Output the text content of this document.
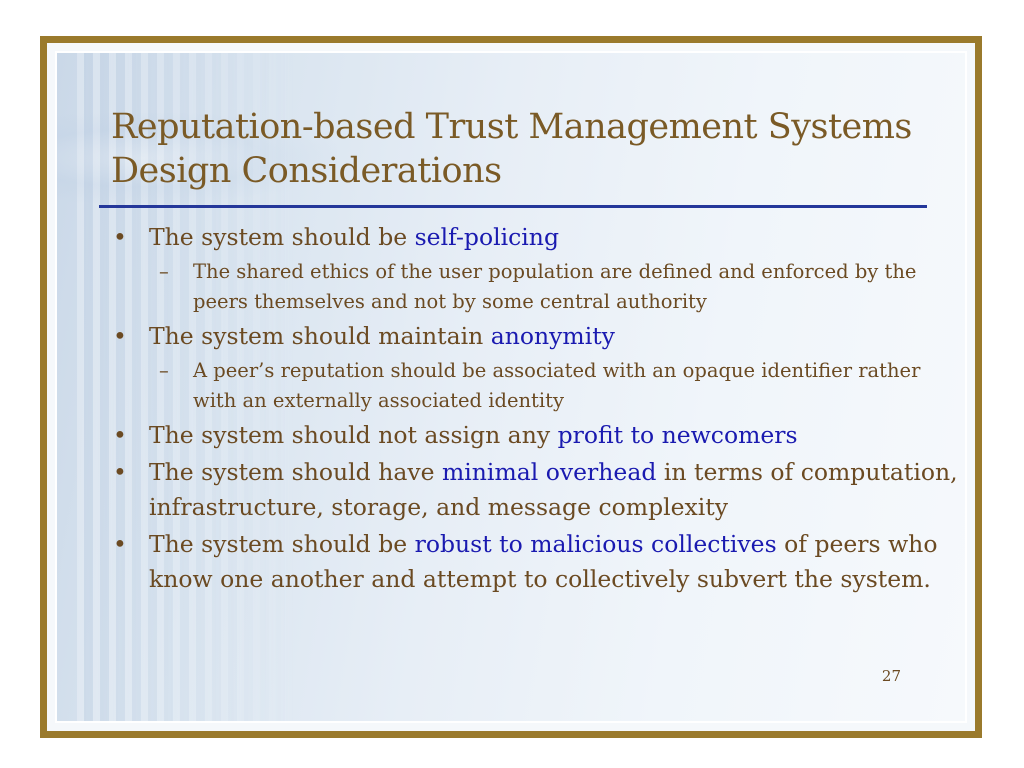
Reputation-based Trust Management Systems
Design Considerations
• The system should be self-policing
– The shared ethics of the user population are defined and enforced by the peers themselves and not by some central authority
• The system should maintain anonymity
– A peer’s reputation should be associated with an opaque identifier rather with an externally associated identity
• The system should not assign any profit to newcomers
• The system should have minimal overhead in terms of computation, infrastructure, storage, and message complexity
• The system should be robust to malicious collectives of peers who know one another and attempt to collectively subvert the system.
27
